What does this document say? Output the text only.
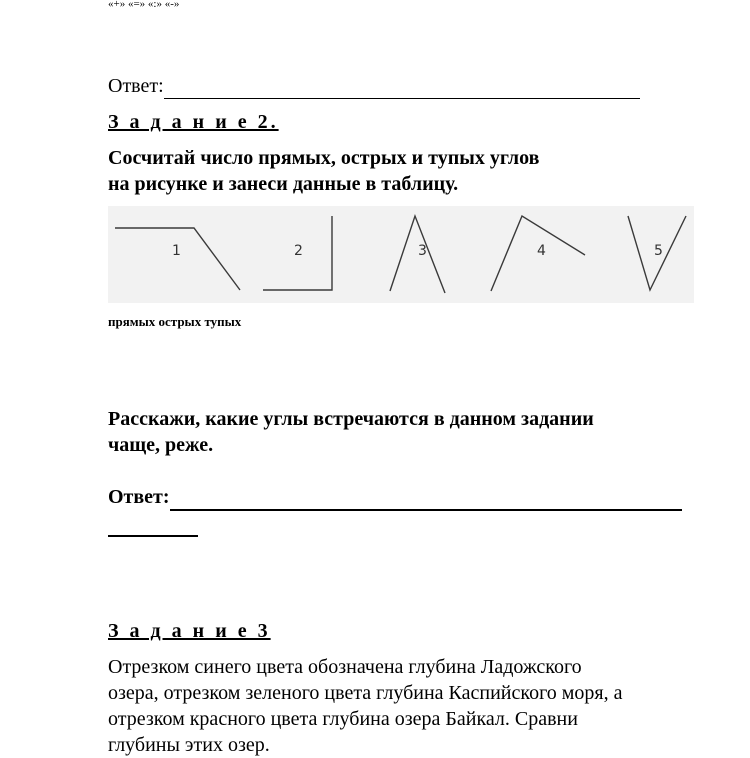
«+» «=» «:» «-»
Ответ:
З а д а н и е 2.
Сосчитай число прямых, острых и тупых углов
на рисунке и занеси данные в таблицу.
1	2	3	4	5
прямых острых тупых
Расскажи, какие углы встречаются в данном задании
чаще, реже.
Ответ:
З а д а н и е 3
Отрезком синего цвета обозначена глубина Ладожского
озера, отрезком зеленого цвета глубина Каспийского моря, а
отрезком красного цвета глубина озера Байкал. Сравни
глубины этих озер.
